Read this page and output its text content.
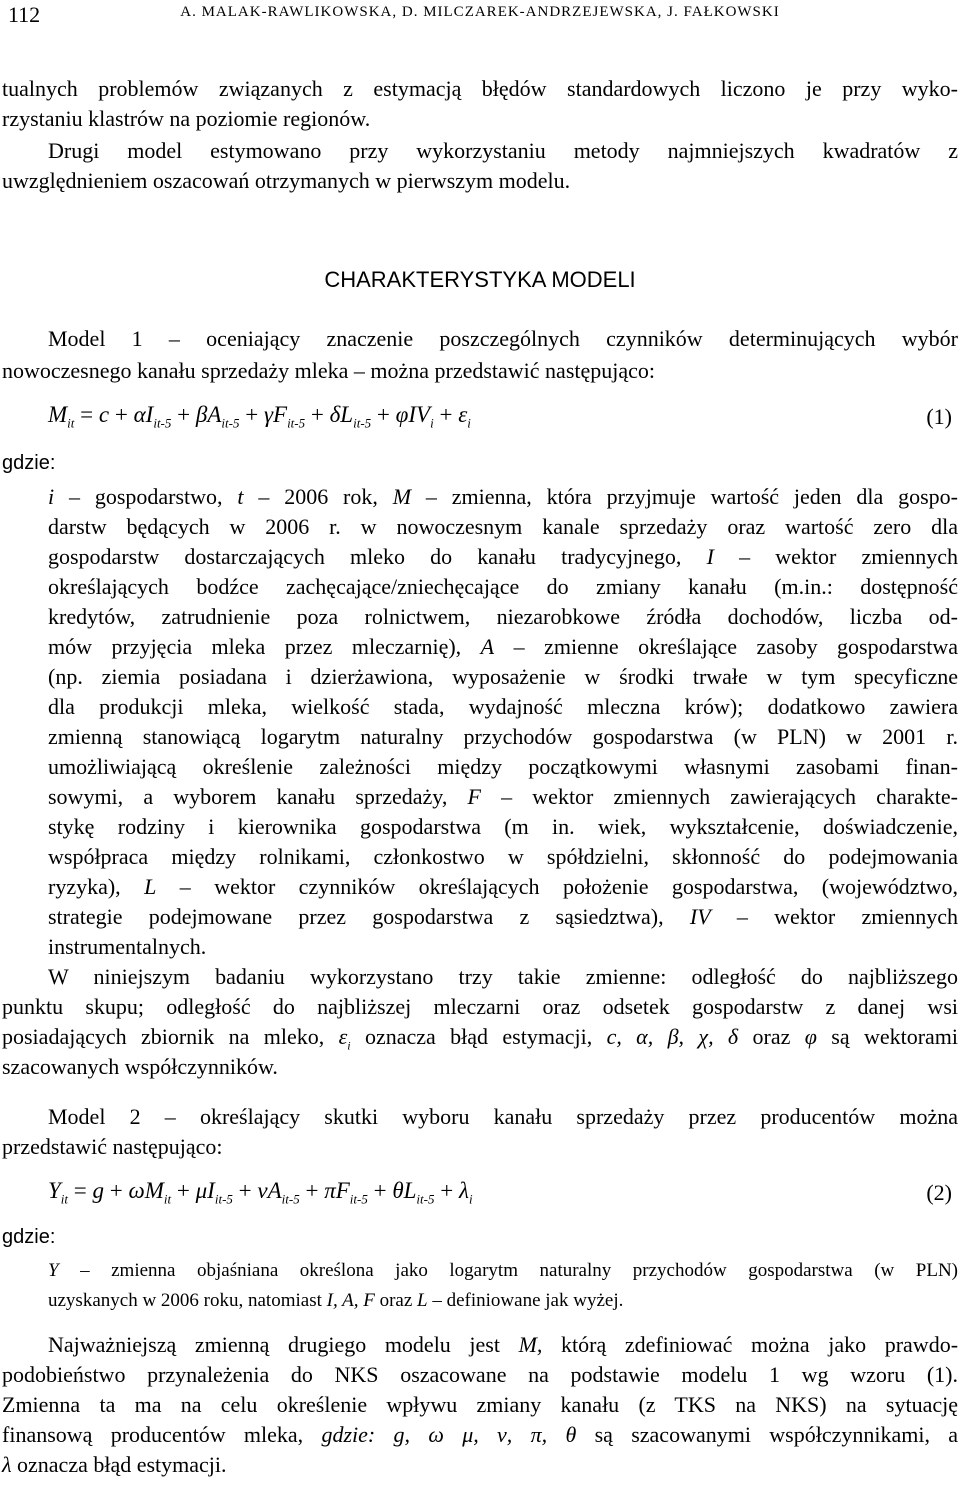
112	A. MALAK-RAWLIKOWSKA, D. MILCZAREK-ANDRZEJEWSKA, J. FAŁKOWSKI
tualnych problemów związanych z estymacją błędów standardowych liczono je przy wyko-
rzystaniu klastrów na poziomie regionów.
Drugi model estymowano przy wykorzystaniu metody najmniejszych kwadratów z
uwzględnieniem oszacowań otrzymanych w pierwszym modelu.
CHARAKTERYSTYKA MODELI
Model 1 – oceniający znaczenie poszczególnych czynników determinujących wybór
nowoczesnego kanału sprzedaży mleka – można przedstawić następująco:
$M_{it} = c + \alpha I_{it-5} + \beta A_{it-5} + \gamma F_{it-5} + \delta L_{it-5} + \varphi IV_i + \varepsilon_i$	(1)
gdzie:
i – gospodarstwo, t – 2006 rok, M – zmienna, która przyjmuje wartość jeden dla gospo-
darstw będących w 2006 r. w nowoczesnym kanale sprzedaży oraz wartość zero dla
gospodarstw dostarczających mleko do kanału tradycyjnego, I – wektor zmiennych
określających bodźce zachęcające/zniechęcające do zmiany kanału (m.in.: dostępność
kredytów, zatrudnienie poza rolnictwem, niezarobkowe źródła dochodów, liczba od-
mów przyjęcia mleka przez mleczarnię), A – zmienne określające zasoby gospodarstwa
(np. ziemia posiadana i dzierżawiona, wyposażenie w środki trwałe w tym specyficzne
dla produkcji mleka, wielkość stada, wydajność mleczna krów); dodatkowo zawiera
zmienną stanowiącą logarytm naturalny przychodów gospodarstwa (w PLN) w 2001 r.
umożliwiającą określenie zależności między początkowymi własnymi zasobami finan-
sowymi, a wyborem kanału sprzedaży, F – wektor zmiennych zawierających charakte-
stykę rodziny i kierownika gospodarstwa (m in. wiek, wykształcenie, doświadczenie,
współpraca między rolnikami, członkostwo w spółdzielni, skłonność do podejmowania
ryzyka), L – wektor czynników określających położenie gospodarstwa, (województwo,
strategie podejmowane przez gospodarstwa z sąsiedztwa), IV – wektor zmiennych
instrumentalnych.
W niniejszym badaniu wykorzystano trzy takie zmienne: odległość do najbliższego
punktu skupu; odległość do najbliższej mleczarni oraz odsetek gospodarstw z danej wsi
posiadających zbiornik na mleko, $\varepsilon_i$ oznacza błąd estymacji, c, α, β, χ, δ oraz φ są wektorami
szacowanych współczynników.
Model 2 – określający skutki wyboru kanału sprzedaży przez producentów można
przedstawić następująco:
$Y_{it} = g + \omega M_{it} + \mu I_{it-5} + \nu A_{it-5} + \pi F_{it-5} + \theta L_{it-5} + \lambda_i$	(2)
gdzie:
Y – zmienna objaśniana określona jako logarytm naturalny przychodów gospodarstwa (w PLN)
uzyskanych w 2006 roku, natomiast I, A, F oraz L – definiowane jak wyżej.
Najważniejszą zmienną drugiego modelu jest M, którą zdefiniować można jako prawdo-
podobieństwo przynależenia do NKS oszacowane na podstawie modelu 1 wg wzoru (1).
Zmienna ta ma na celu określenie wpływu zmiany kanału (z TKS na NKS) na sytuację
finansową producentów mleka, gdzie: g, ω μ, ν, π, θ są szacowanymi współczynnikami, a
λ oznacza błąd estymacji.
